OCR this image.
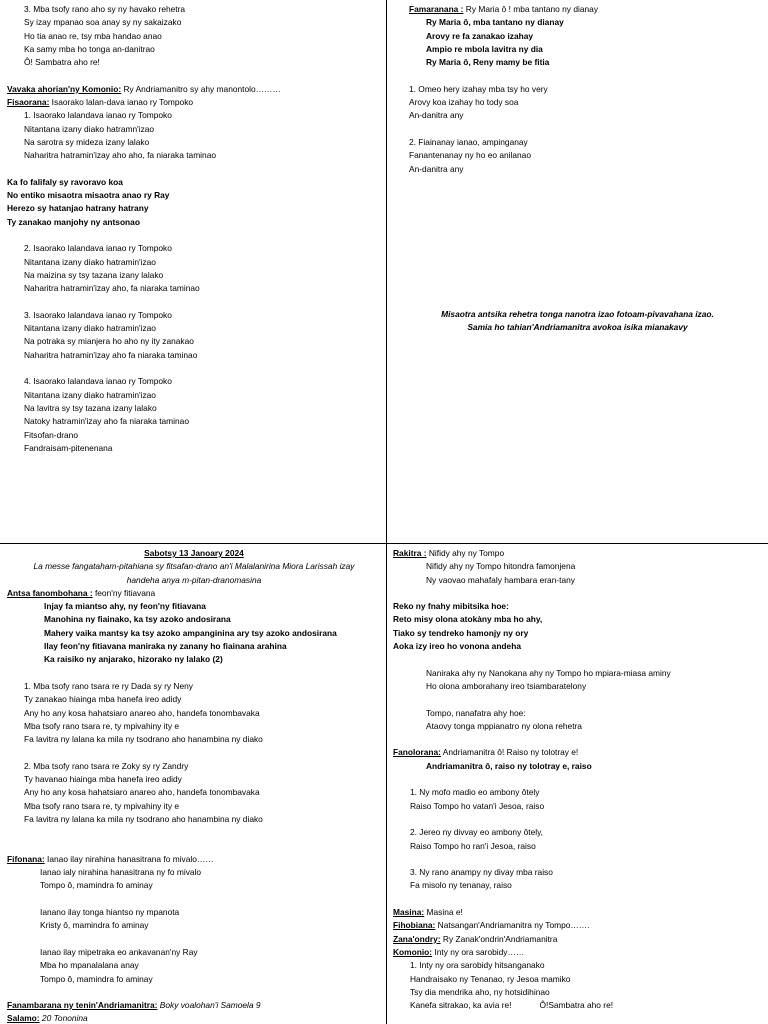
3. Mba tsofy rano aho sy ny havako rehetra
Sy izay mpanao soa anay sy ny sakaizako
Ho tia anao re, tsy mba handao anao
Ka samy mba ho tonga an-danitrao
Ô! Sambatra aho re!
Vavaka ahorian'ny Komonio: Ry Andriamanitro sy ahy manontolo………
Fisaorana: Isaorako lalan-dava ianao ry Tompoko
1. Isaorako lalandava ianao ry Tompoko
Nitantana izany diako hatramn'izao
Na sarotra sy mideza izany lalako
Naharitra hatramin'izay aho aho, fa niaraka taminao
Ka fo falifaly sy ravoravo koa
No entiko misaotra misaotra anao ry Ray
Herezo sy hatanjao hatrany hatrany
Ty zanakao manjohy ny antsonao
2. Isaorako lalandava ianao ry Tompoko
Nitantana izany diako hatramin'izao
Na maizina sy tsy tazana izany lalako
Naharitra hatramin'izay aho, fa niaraka taminao
3. Isaorako lalandava ianao ry Tompoko
Nitantana izany diako hatramin'izao
Na potraka sy mianjera ho aho ny ity zanakao
Naharitra hatramin'izay aho fa niaraka taminao
4. Isaorako lalandava ianao ry Tompoko
Nitantana izany diako hatramin'izao
Na lavitra sy tsy tazana izany lalako
Natoky hatramin'izay aho fa niaraka taminao
Fitsofan-drano
Fandraisam-pitenenana
Famaranana : Ry Maria ô ! mba tantano ny dianay
Ry Maria ô, mba tantano ny dianay
Arovy re fa zanakao izahay
Ampio re mbola lavitra ny dia
Ry Maria ô, Reny mamy be fitia
1. Omeo hery izahay mba tsy ho very
Arovy koa izahay ho tody soa
An-danitra any
2. Fiainanay ianao, ampinganay
Fanantenanay ny ho eo anilanao
An-danitra any
Misaotra antsika rehetra tonga nanotra izao fotoam-pivavahana izao.
Samia ho tahian'Andriamanitra avokoa isika mianakavy
Sabotsy 13 Janoary 2024
La messe fangataham-pitahiana sy fitsafan-drano an'i Malalanirina Miora Larissah izay
handeha anya m-pitan-dranomasina
Antsa fanombohana : feon'ny fitiavana
Injay fa miantso ahy, ny feon'ny fitiavana
Manohina ny fiainako, ka tsy azoko andosirana
Mahery vaika mantsy ka tsy azoko ampanginina ary tsy azoko andosirana
Ilay feon'ny fitiavana maniraka ny zanany ho fiainana arahina
Ka raisiko ny anjarako, hizorako ny lalako (2)
1. Mba tsofy rano tsara re ry Dada sy ry Neny
Ty zanakao hiainga mba hanefa ireo adidy
Any ho any kosa hahatsiaro anareo aho, handefa tonombavaka
Mba tsofy rano tsara re, ty mpivahiny ity e
Fa lavitra ny lalana ka mila ny tsodrano aho hanambina ny diako
2. Mba tsofy rano tsara re Zoky sy ry Zandry
Ty havanao hiainga mba hanefa ireo adidy
Any ho any kosa hahatsiaro anareo aho, handefa tonombavaka
Mba tsofy rano tsara re, ty mpivahiny ity e
Fa lavitra ny lalana ka mila ny tsodrano aho hanambina ny diako
Fifonana: Ianao ilay nirahina hanasitrana fo mivalo……
Ianao ialy nirahina hanasitrana ny fo mivalo
Tompo ô, mamindra fo aminay
Ianano ilay tonga hiantso ny mpanota
Kristy ô, mamindra fo aminay
Ianao ilay mipetraka eo ankavanan'ny Ray
Mba ho mpanalalana anay
Tompo ô, mamindra fo aminay
Fanambarana ny tenin'Andriamanitra: Boky voalohan'i Samoela 9
Salamo: 20 Tononina
Rakitra : Nifidy ahy ny Tompo
Nifidy ahy ny Tompo hitondra famonjena
Ny vaovao mahafaly hambara eran-tany
Reko ny fnahy mibitsika hoe:
Reto misy olona atokàny mba ho ahy,
Tiako sy tendreko hamonjy ny ory
Aoka izy ireo ho vonona andeha
Naniraka ahy ny Nanokana ahy ny Tompo ho mpiara-miasa aminy
Ho olona amborahany ireo tsiambaratelony
Tompo, nanafatra ahy hoe:
Ataovy tonga mppianatro ny olona rehetra
Fanolorana: Andriamanitra ô! Raiso ny tolotray e!
Andriamanitra ô, raiso ny tolotray e, raiso
1. Ny mofo madio eo ambony ôtely
Raiso Tompo ho vatan'i Jesoa, raiso
2. Jereo ny divvay eo ambony ôtely,
Raiso Tompo ho ran'i Jesoa, raiso
3. Ny rano anampy ny divay mba raiso
Fa misolo ny tenanay, raiso
Masina: Masina e!
Fihobiana: Natsangan'Andriamanitra ny Tompo…….
Zana'ondry: Ry Zanak'ondrin'Andriamanitra
Komonio: Inty ny ora sarobidy……
1. Inty ny ora sarobidy hitsanganako
Handraisako ny Tenanao, ry Jesoa mamiko
Tsy dia mendrika aho, ny hotsidihinao
Kanefa sitrakao, ka avia re!	Ô!Sambatra aho re!
